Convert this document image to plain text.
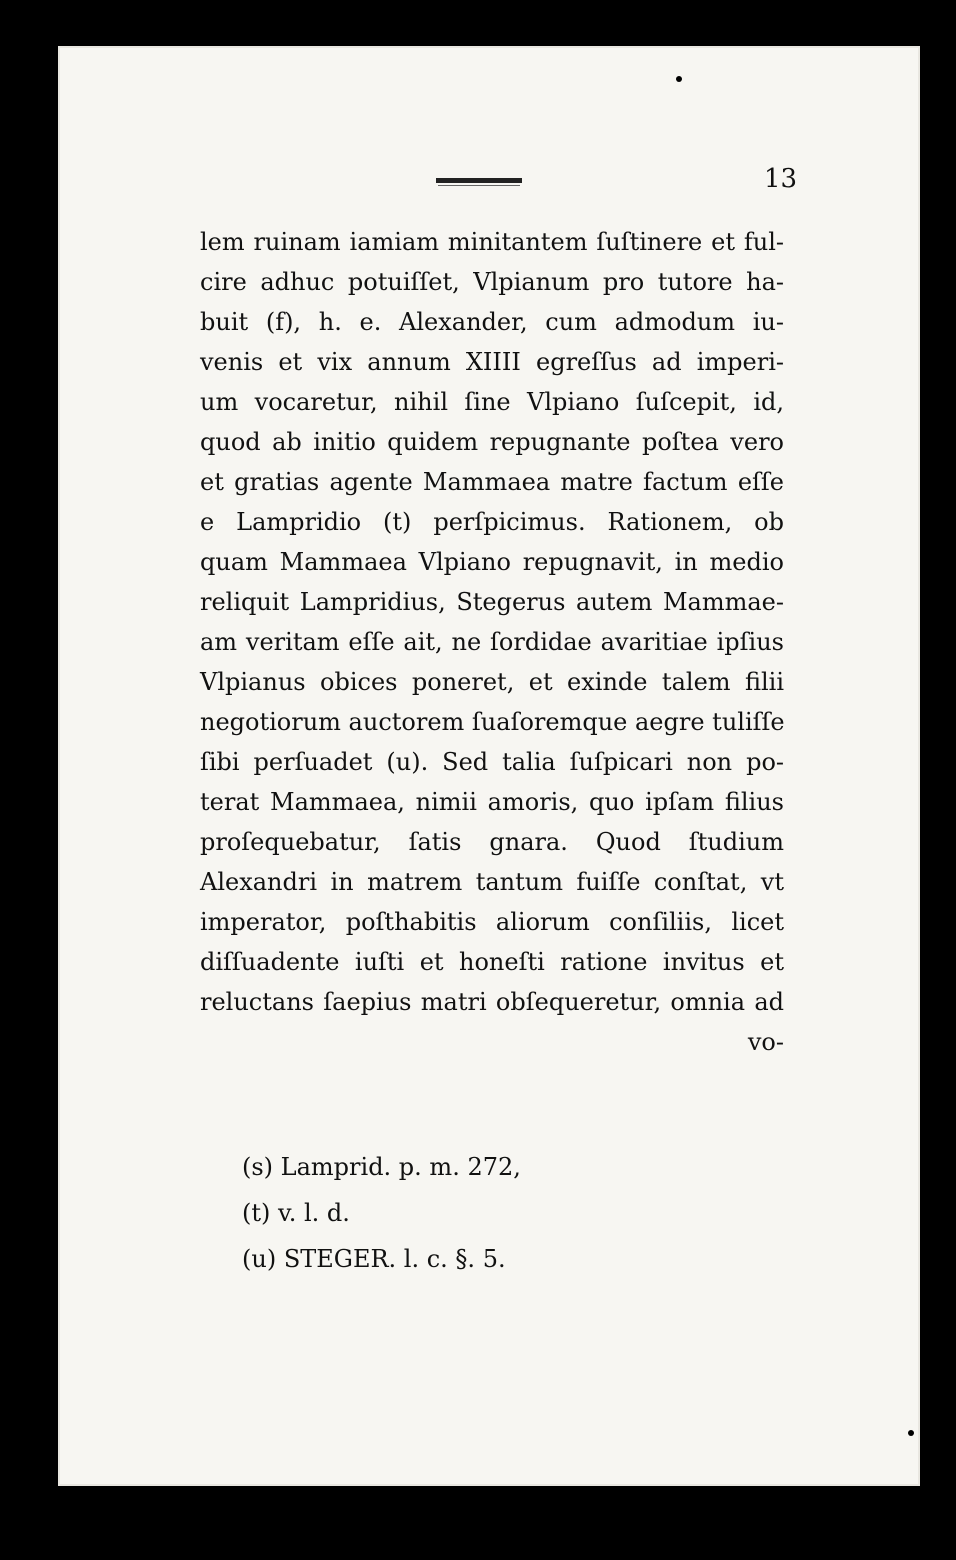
13
lem ruinam iamiam minitantem ſuſtinere et ful-
cire adhuc potuiſſet, Vlpianum pro tutore ha-
buit (f), h. e. Alexander, cum admodum iu-
venis et vix annum XIIII egreſſus ad imperi-
um vocaretur, nihil ſine Vlpiano ſuſcepit, id,
quod ab initio quidem repugnante poſtea vero
et gratias agente Mammaea matre factum eſſe
e Lampridio (t) perſpicimus. Rationem, ob
quam Mammaea Vlpiano repugnavit, in medio
reliquit Lampridius, Stegerus autem Mammae-
am veritam eſſe ait, ne ſordidae avaritiae ipſius
Vlpianus obices poneret, et exinde talem filii
negotiorum auctorem ſuaſoremque aegre tuliſſe
ſibi perſuadet (u). Sed talia ſuſpicari non po-
terat Mammaea, nimii amoris, quo ipſam filius
proſequebatur, ſatis gnara. Quod ſtudium
Alexandri in matrem tantum fuiſſe conſtat, vt
imperator, poſthabitis aliorum conſiliis, licet
diſſuadente iuſti et honeſti ratione invitus et
reluctans ſaepius matri obſequeretur, omnia ad
vo-
(s) Lamprid. p. m. 272,
(t) v. l. d.
(u) STEGER. l. c. §. 5.
